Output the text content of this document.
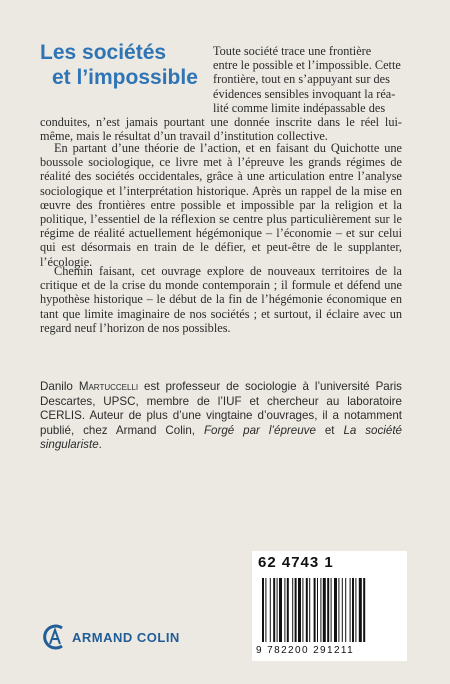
Les sociétés
et l’impossible

Toute société trace une frontière
entre le possible et l’impossible. Cette
frontière, tout en s’appuyant sur des
évidences sensibles invoquant la réa-
lité comme limite indépassable des
conduites, n’est jamais pourtant une donnée inscrite dans le réel lui-même, mais le résultat d’un travail d’institution collective.

En partant d’une théorie de l’action, et en faisant du Quichotte une boussole sociologique, ce livre met à l’épreuve les grands régimes de réalité des sociétés occidentales, grâce à une articulation entre l’analyse sociologique et l’interprétation historique. Après un rappel de la mise en œuvre des frontières entre possible et impossible par la religion et la politique, l’essentiel de la réflexion se centre plus particulièrement sur le régime de réalité actuellement hégémonique – l’économie – et sur celui qui est désormais en train de le défier, et peut-être de le supplanter, l’écologie.

Chemin faisant, cet ouvrage explore de nouveaux territoires de la critique et de la crise du monde contemporain ; il formule et défend une hypothèse historique – le début de la fin de l’hégémonie économique en tant que limite imaginaire de nos sociétés ; et surtout, il éclaire avec un regard neuf l’horizon de nos possibles.

Danilo Martuccelli est professeur de sociologie à l’université Paris Descartes, UPSC, membre de l’IUF et chercheur au laboratoire CERLIS. Auteur de plus d’une vingtaine d’ouvrages, il a notamment publié, chez Armand Colin, Forgé par l’épreuve et La société singulariste.

62 4743 1
9 782200 291211
ARMAND COLIN
